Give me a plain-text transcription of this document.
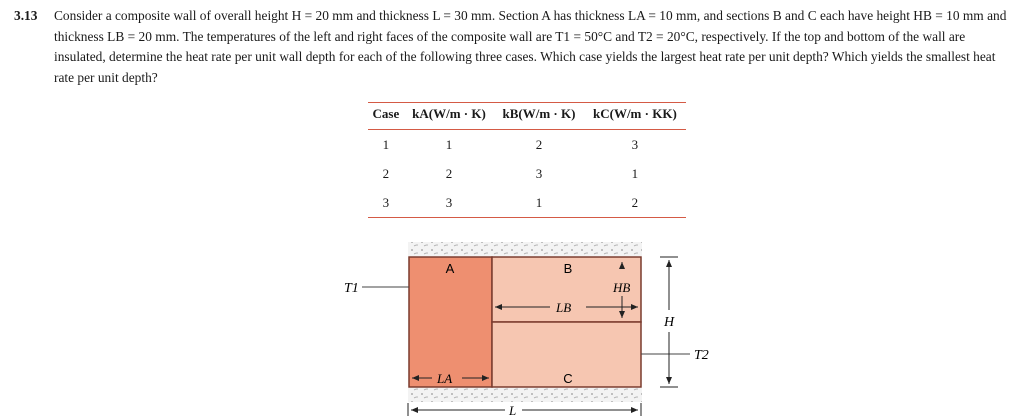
3.13 Consider a composite wall of overall height H = 20 mm and thickness L = 30 mm. Section A has thickness LA = 10 mm, and sections B and C each have height HB = 10 mm and thickness LB = 20 mm. The temperatures of the left and right faces of the composite wall are T1 = 50°C and T2 = 20°C, respectively. If the top and bottom of the wall are insulated, determine the heat rate per unit wall depth for each of the following three cases. Which case yields the largest heat rate per unit depth? Which yields the smallest heat rate per unit depth?
Case	kA(W/m · K)	kB(W/m · K)	kC(W/m · KK)
1	1	2	3
2	2	3	1
3	3	1	2
A	B
C
T1
T2
HB
H
LB
LA
L
